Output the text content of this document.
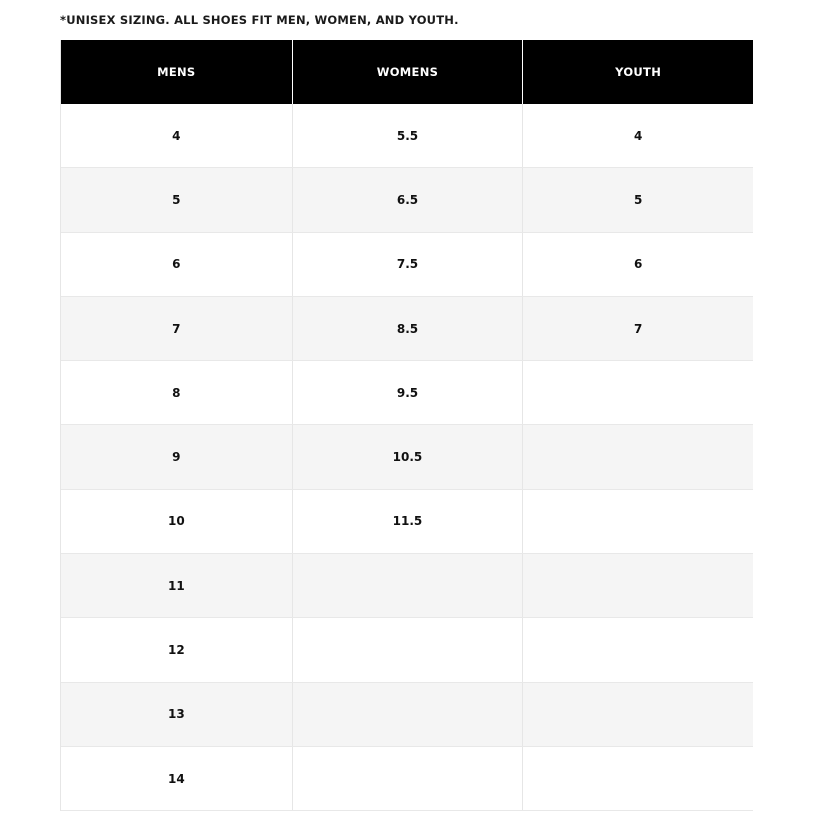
*UNISEX SIZING. ALL SHOES FIT MEN, WOMEN, AND YOUTH.
MENS	WOMENS	YOUTH
4	5.5	4
5	6.5	5
6	7.5	6
7	8.5	7
8	9.5
9	10.5
10	11.5
11
12
13
14
